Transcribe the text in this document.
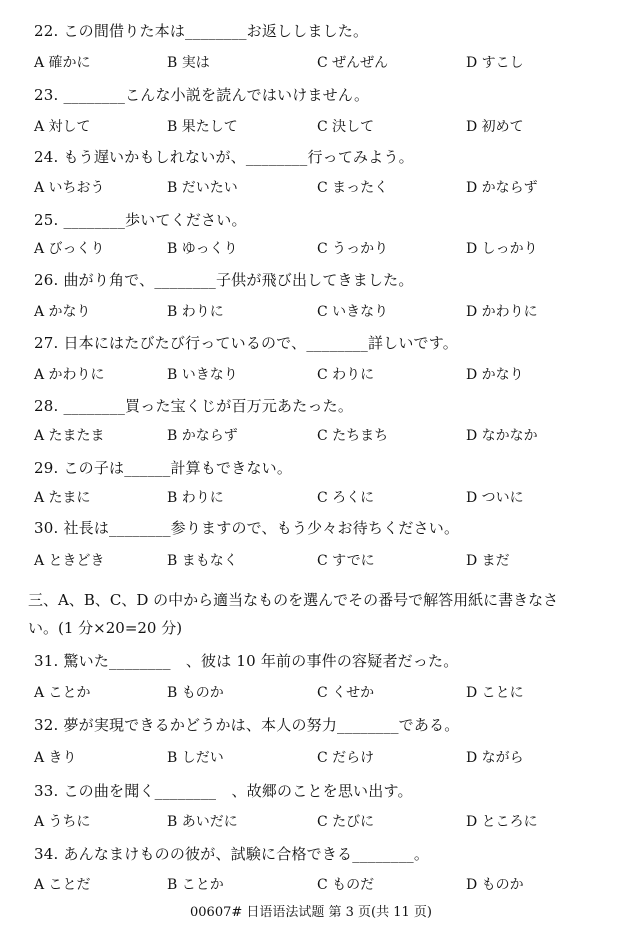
22. この間借りた本は________お返ししました。
A 確かに	B 実は	C ぜんぜん	D すこし
23. ________こんな小説を読んではいけません。
A 対して	B 果たして	C 決して	D 初めて
24. もう遅いかもしれないが、________行ってみよう。
A いちおう	B だいたい	C まったく	D かならず
25. ________歩いてください。
A びっくり	B ゆっくり	C うっかり	D しっかり
26. 曲がり角で、________子供が飛び出してきました。
A かなり	B わりに	C いきなり	D かわりに
27. 日本にはたびたび行っているので、________詳しいです。
A かわりに	B いきなり	C わりに	D かなり
28. ________買った宝くじが百万元あたった。
A たまたま	B かならず	C たちまち	D なかなか
29. この子は______計算もできない。
A たまに	B わりに	C ろくに	D ついに
30. 社長は________参りますので、もう少々お待ちください。
A ときどき	B まもなく	C すでに	D まだ
三、A、B、C、D の中から適当なものを選んでその番号で解答用紙に書きなさ
い。(1 分×20=20 分)
31. 驚いた________　、彼は 10 年前の事件の容疑者だった。
A ことか	B ものか	C くせか	D ことに
32. 夢が実現できるかどうかは、本人の努力________である。
A きり	B しだい	C だらけ	D ながら
33. この曲を聞く________　、故郷のことを思い出す。
A うちに	B あいだに	C たびに	D ところに
34. あんなまけものの彼が、試験に合格できる________。
A ことだ	B ことか	C ものだ	D ものか
00607# 日语语法试题 第 3 页(共 11 页)
